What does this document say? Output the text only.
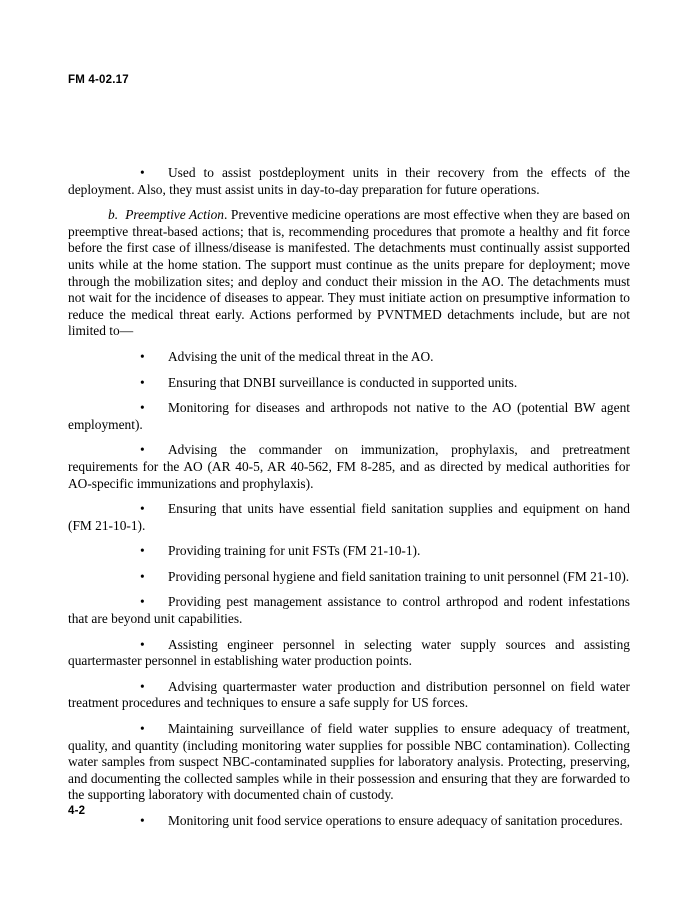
FM 4-02.17

• Used to assist postdeployment units in their recovery from the effects of the deployment. Also, they must assist units in day-to-day preparation for future operations.

b. Preemptive Action. Preventive medicine operations are most effective when they are based on preemptive threat-based actions; that is, recommending procedures that promote a healthy and fit force before the first case of illness/disease is manifested. The detachments must continually assist supported units while at the home station. The support must continue as the units prepare for deployment; move through the mobilization sites; and deploy and conduct their mission in the AO. The detachments must not wait for the incidence of diseases to appear. They must initiate action on presumptive information to reduce the medical threat early. Actions performed by PVNTMED detachments include, but are not limited to—

• Advising the unit of the medical threat in the AO.

• Ensuring that DNBI surveillance is conducted in supported units.

• Monitoring for diseases and arthropods not native to the AO (potential BW agent employment).

• Advising the commander on immunization, prophylaxis, and pretreatment requirements for the AO (AR 40-5, AR 40-562, FM 8-285, and as directed by medical authorities for AO-specific immunizations and prophylaxis).

• Ensuring that units have essential field sanitation supplies and equipment on hand (FM 21-10-1).

• Providing training for unit FSTs (FM 21-10-1).

• Providing personal hygiene and field sanitation training to unit personnel (FM 21-10).

• Providing pest management assistance to control arthropod and rodent infestations that are beyond unit capabilities.

• Assisting engineer personnel in selecting water supply sources and assisting quartermaster personnel in establishing water production points.

• Advising quartermaster water production and distribution personnel on field water treatment procedures and techniques to ensure a safe supply for US forces.

• Maintaining surveillance of field water supplies to ensure adequacy of treatment, quality, and quantity (including monitoring water supplies for possible NBC contamination). Collecting water samples from suspect NBC-contaminated supplies for laboratory analysis. Protecting, preserving, and documenting the collected samples while in their possession and ensuring that they are forwarded to the supporting laboratory with documented chain of custody.

• Monitoring unit food service operations to ensure adequacy of sanitation procedures.

4-2
